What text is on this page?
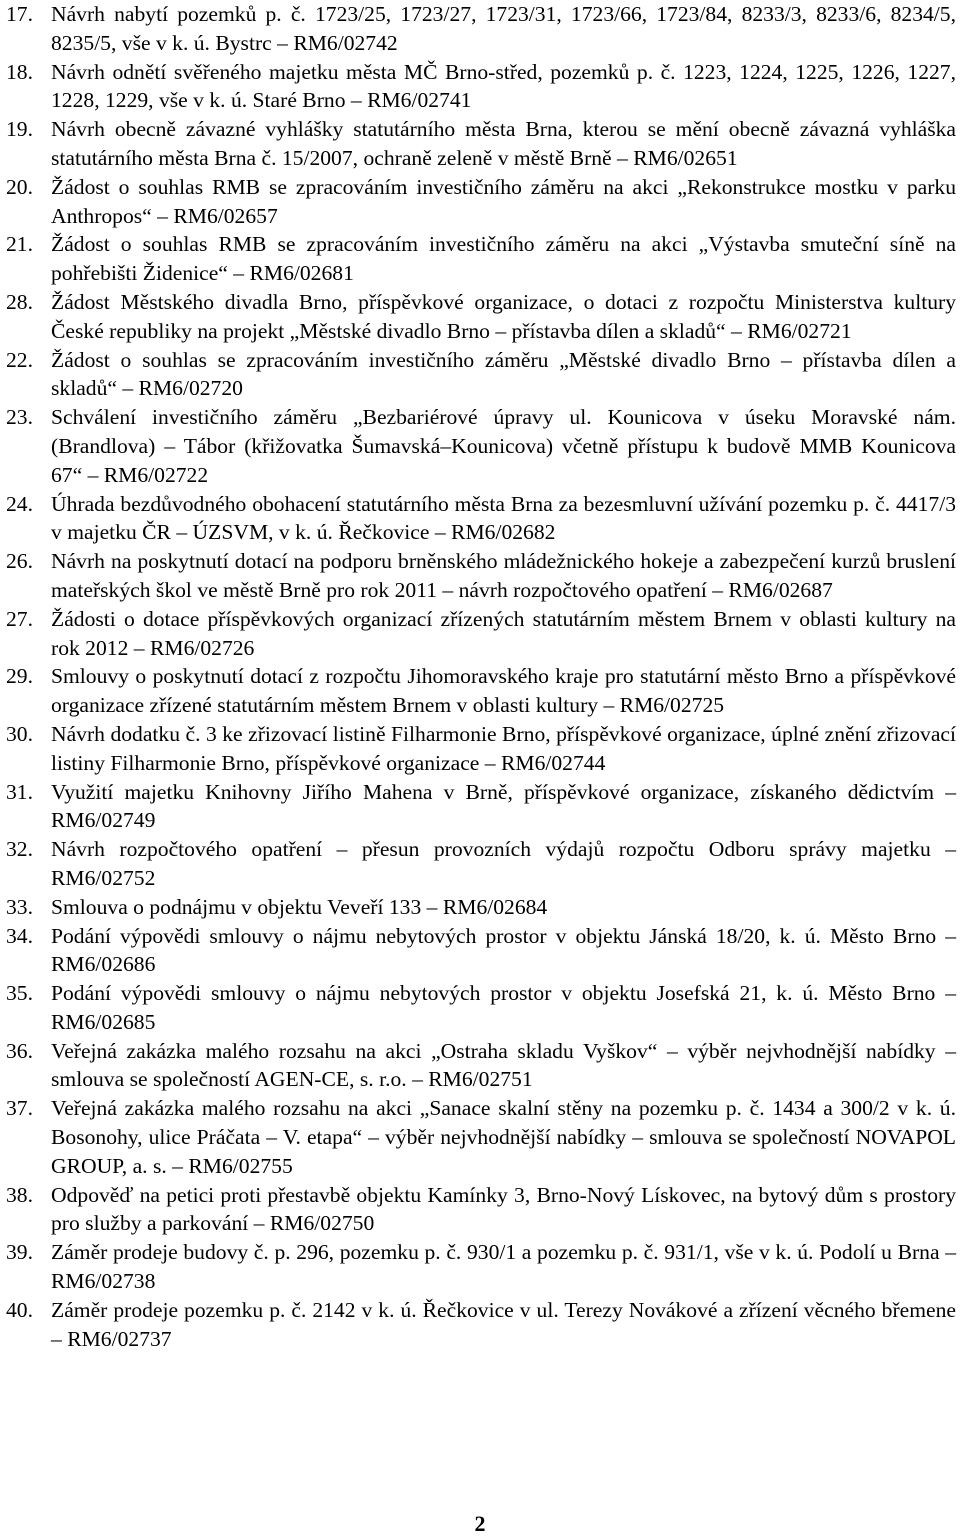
17. Návrh nabytí pozemků p. č. 1723/25, 1723/27, 1723/31, 1723/66, 1723/84, 8233/3, 8233/6, 8234/5, 8235/5, vše v k. ú. Bystrc – RM6/02742
18. Návrh odnětí svěřeného majetku města MČ Brno-střed, pozemků p. č. 1223, 1224, 1225, 1226, 1227, 1228, 1229, vše v k. ú. Staré Brno – RM6/02741
19. Návrh obecně závazné vyhlášky statutárního města Brna, kterou se mění obecně závazná vyhláška statutárního města Brna č. 15/2007, ochraně zeleně v městě Brně – RM6/02651
20. Žádost o souhlas RMB se zpracováním investičního záměru na akci „Rekonstrukce mostku v parku Anthropos“ – RM6/02657
21. Žádost o souhlas RMB se zpracováním investičního záměru na akci „Výstavba smuteční síně na pohřebišti Židenice“ – RM6/02681
28. Žádost Městského divadla Brno, příspěvkové organizace, o dotaci z rozpočtu Ministerstva kultury České republiky na projekt „Městské divadlo Brno – přístavba dílen a skladů“ – RM6/02721
22. Žádost o souhlas se zpracováním investičního záměru „Městské divadlo Brno – přístavba dílen a skladů“ – RM6/02720
23. Schválení investičního záměru „Bezbariérové úpravy ul. Kounicova v úseku Moravské nám. (Brandlova) – Tábor (křižovatka Šumavská–Kounicova) včetně přístupu k budově MMB Kounicova 67“ – RM6/02722
24. Úhrada bezdůvodného obohacení statutárního města Brna za bezesmluvní užívání pozemku p. č. 4417/3 v majetku ČR – ÚZSVM, v k. ú. Řečkovice – RM6/02682
26. Návrh na poskytnutí dotací na podporu brněnského mládežnického hokeje a zabezpečení kurzů bruslení mateřských škol ve městě Brně pro rok 2011 – návrh rozpočtového opatření – RM6/02687
27. Žádosti o dotace příspěvkových organizací zřízených statutárním městem Brnem v oblasti kultury na rok 2012 – RM6/02726
29. Smlouvy o poskytnutí dotací z rozpočtu Jihomoravského kraje pro statutární město Brno a příspěvkové organizace zřízené statutárním městem Brnem v oblasti kultury – RM6/02725
30. Návrh dodatku č. 3 ke zřizovací listině Filharmonie Brno, příspěvkové organizace, úplné znění zřizovací listiny Filharmonie Brno, příspěvkové organizace – RM6/02744
31. Využití majetku Knihovny Jiřího Mahena v Brně, příspěvkové organizace, získaného dědictvím – RM6/02749
32. Návrh rozpočtového opatření – přesun provozních výdajů rozpočtu Odboru správy majetku – RM6/02752
33. Smlouva o podnájmu v objektu Veveří 133 – RM6/02684
34. Podání výpovědi smlouvy o nájmu nebytových prostor v objektu Jánská 18/20, k. ú. Město Brno – RM6/02686
35. Podání výpovědi smlouvy o nájmu nebytových prostor v objektu Josefská 21, k. ú. Město Brno – RM6/02685
36. Veřejná zakázka malého rozsahu na akci „Ostraha skladu Vyškov“ – výběr nejvhodnější nabídky – smlouva se společností AGEN-CE, s. r.o. – RM6/02751
37. Veřejná zakázka malého rozsahu na akci „Sanace skalní stěny na pozemku p. č. 1434 a 300/2 v k. ú. Bosonohy, ulice Práčata – V. etapa“ – výběr nejvhodnější nabídky – smlouva se společností NOVAPOL GROUP, a. s. – RM6/02755
38. Odpověď na petici proti přestavbě objektu Kamínky 3, Brno-Nový Lískovec, na bytový dům s prostory pro služby a parkování – RM6/02750
39. Záměr prodeje budovy č. p. 296, pozemku p. č. 930/1 a pozemku p. č. 931/1, vše v k. ú. Podolí u Brna – RM6/02738
40. Záměr prodeje pozemku p. č. 2142 v k. ú. Řečkovice v ul. Terezy Novákové a zřízení věcného břemene – RM6/02737
2
